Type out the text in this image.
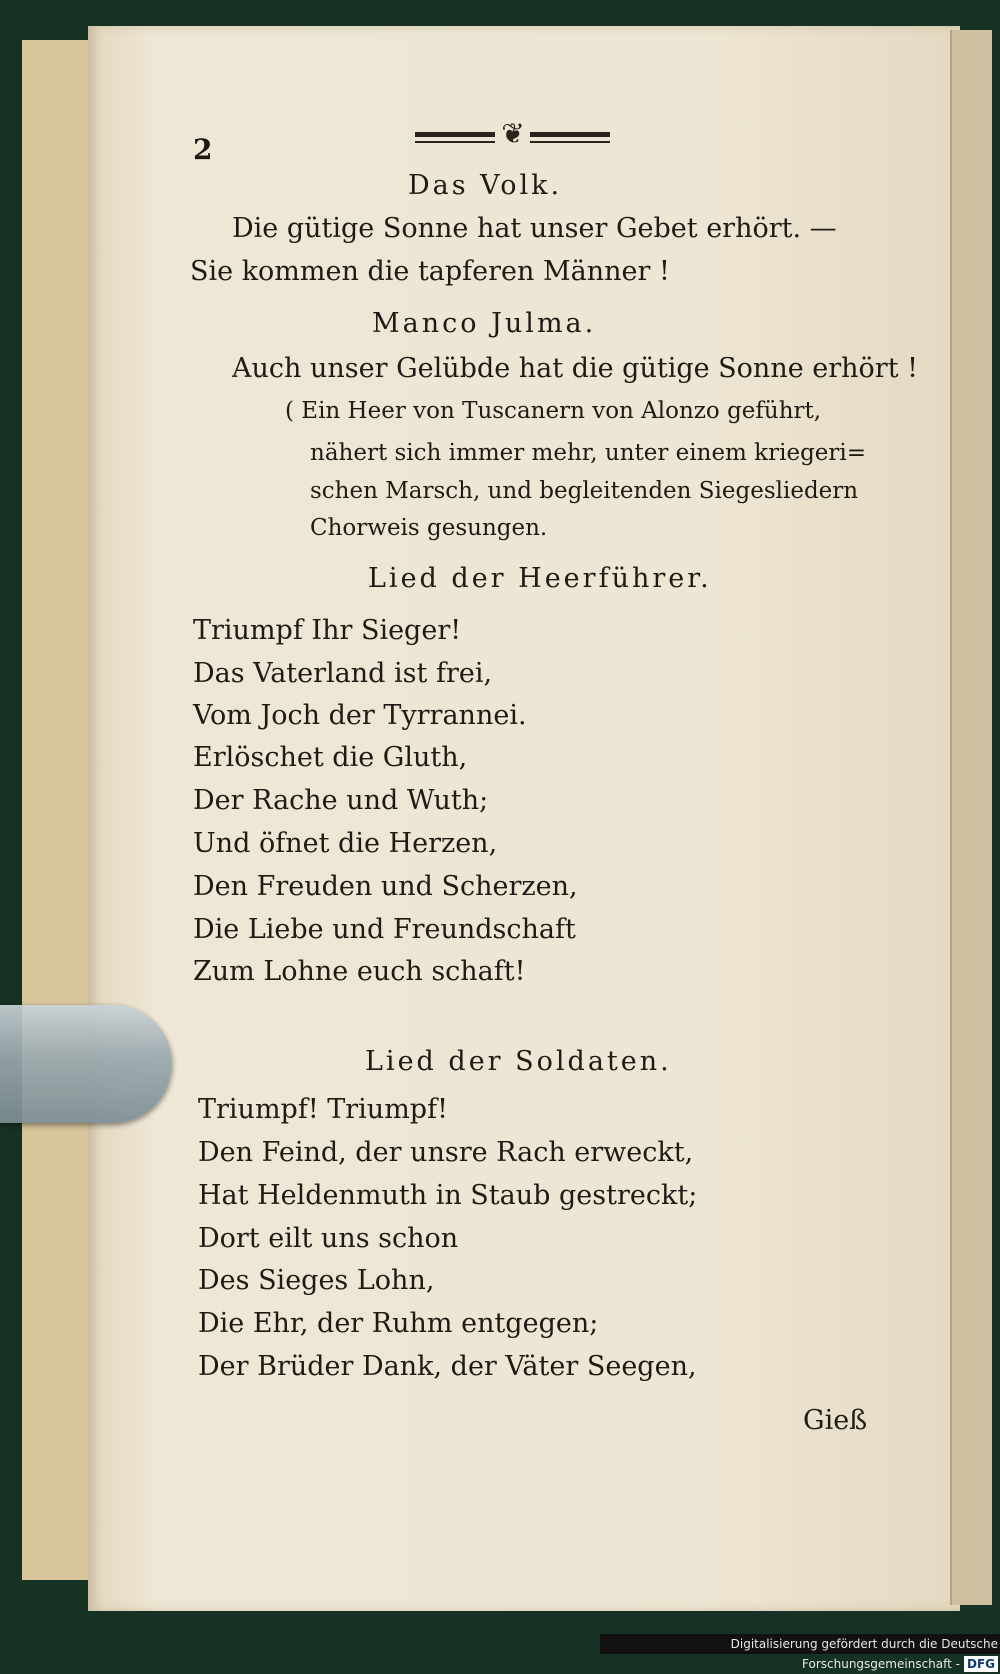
2	❦
Das Volk.
Die gütige Sonne hat unser Gebet erhört. —
Sie kommen die tapferen Männer !
Manco Julma.
Auch unser Gelübde hat die gütige Sonne erhört !
( Ein Heer von Tuscanern von Alonzo geführt,
nähert sich immer mehr, unter einem kriegeri=
schen Marsch, und begleitenden Siegesliedern
Chorweis gesungen.
Lied der Heerführer.
Triumpf Ihr Sieger!
Das Vaterland ist frei,
Vom Joch der Tyrrannei.
Erlöschet die Gluth,
Der Rache und Wuth;
Und öfnet die Herzen,
Den Freuden und Scherzen,
Die Liebe und Freundschaft
Zum Lohne euch schaft!
Lied der Soldaten.
Triumpf! Triumpf!
Den Feind, der unsre Rach erweckt,
Hat Heldenmuth in Staub gestreckt;
Dort eilt uns schon
Des Sieges Lohn,
Die Ehr, der Ruhm entgegen;
Der Brüder Dank, der Väter Seegen,
Gieß
Digitalisierung gefördert durch die Deutsche Forschungsgemeinschaft - DFG
